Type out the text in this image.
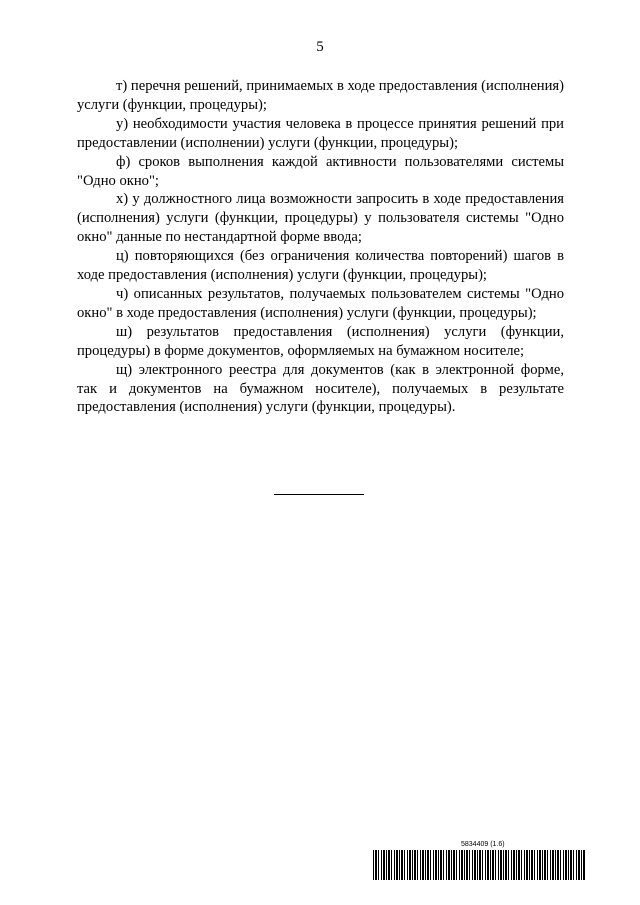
5

т) перечня решений, принимаемых в ходе предоставления (исполнения) услуги (функции, процедуры);

у) необходимости участия человека в процессе принятия решений при предоставлении (исполнении) услуги (функции, процедуры);

ф) сроков выполнения каждой активности пользователями системы "Одно окно";

х) у должностного лица возможности запросить в ходе предоставления (исполнения) услуги (функции, процедуры) у пользователя системы "Одно окно" данные по нестандартной форме ввода;

ц) повторяющихся (без ограничения количества повторений) шагов в ходе предоставления (исполнения) услуги (функции, процедуры);

ч) описанных результатов, получаемых пользователем системы "Одно окно" в ходе предоставления (исполнения) услуги (функции, процедуры);

ш) результатов предоставления (исполнения) услуги (функции, процедуры) в форме документов, оформляемых на бумажном носителе;

щ) электронного реестра для документов (как в электронной форме, так и документов на бумажном носителе), получаемых в результате предоставления (исполнения) услуги (функции, процедуры).

5834409 (1.6)
